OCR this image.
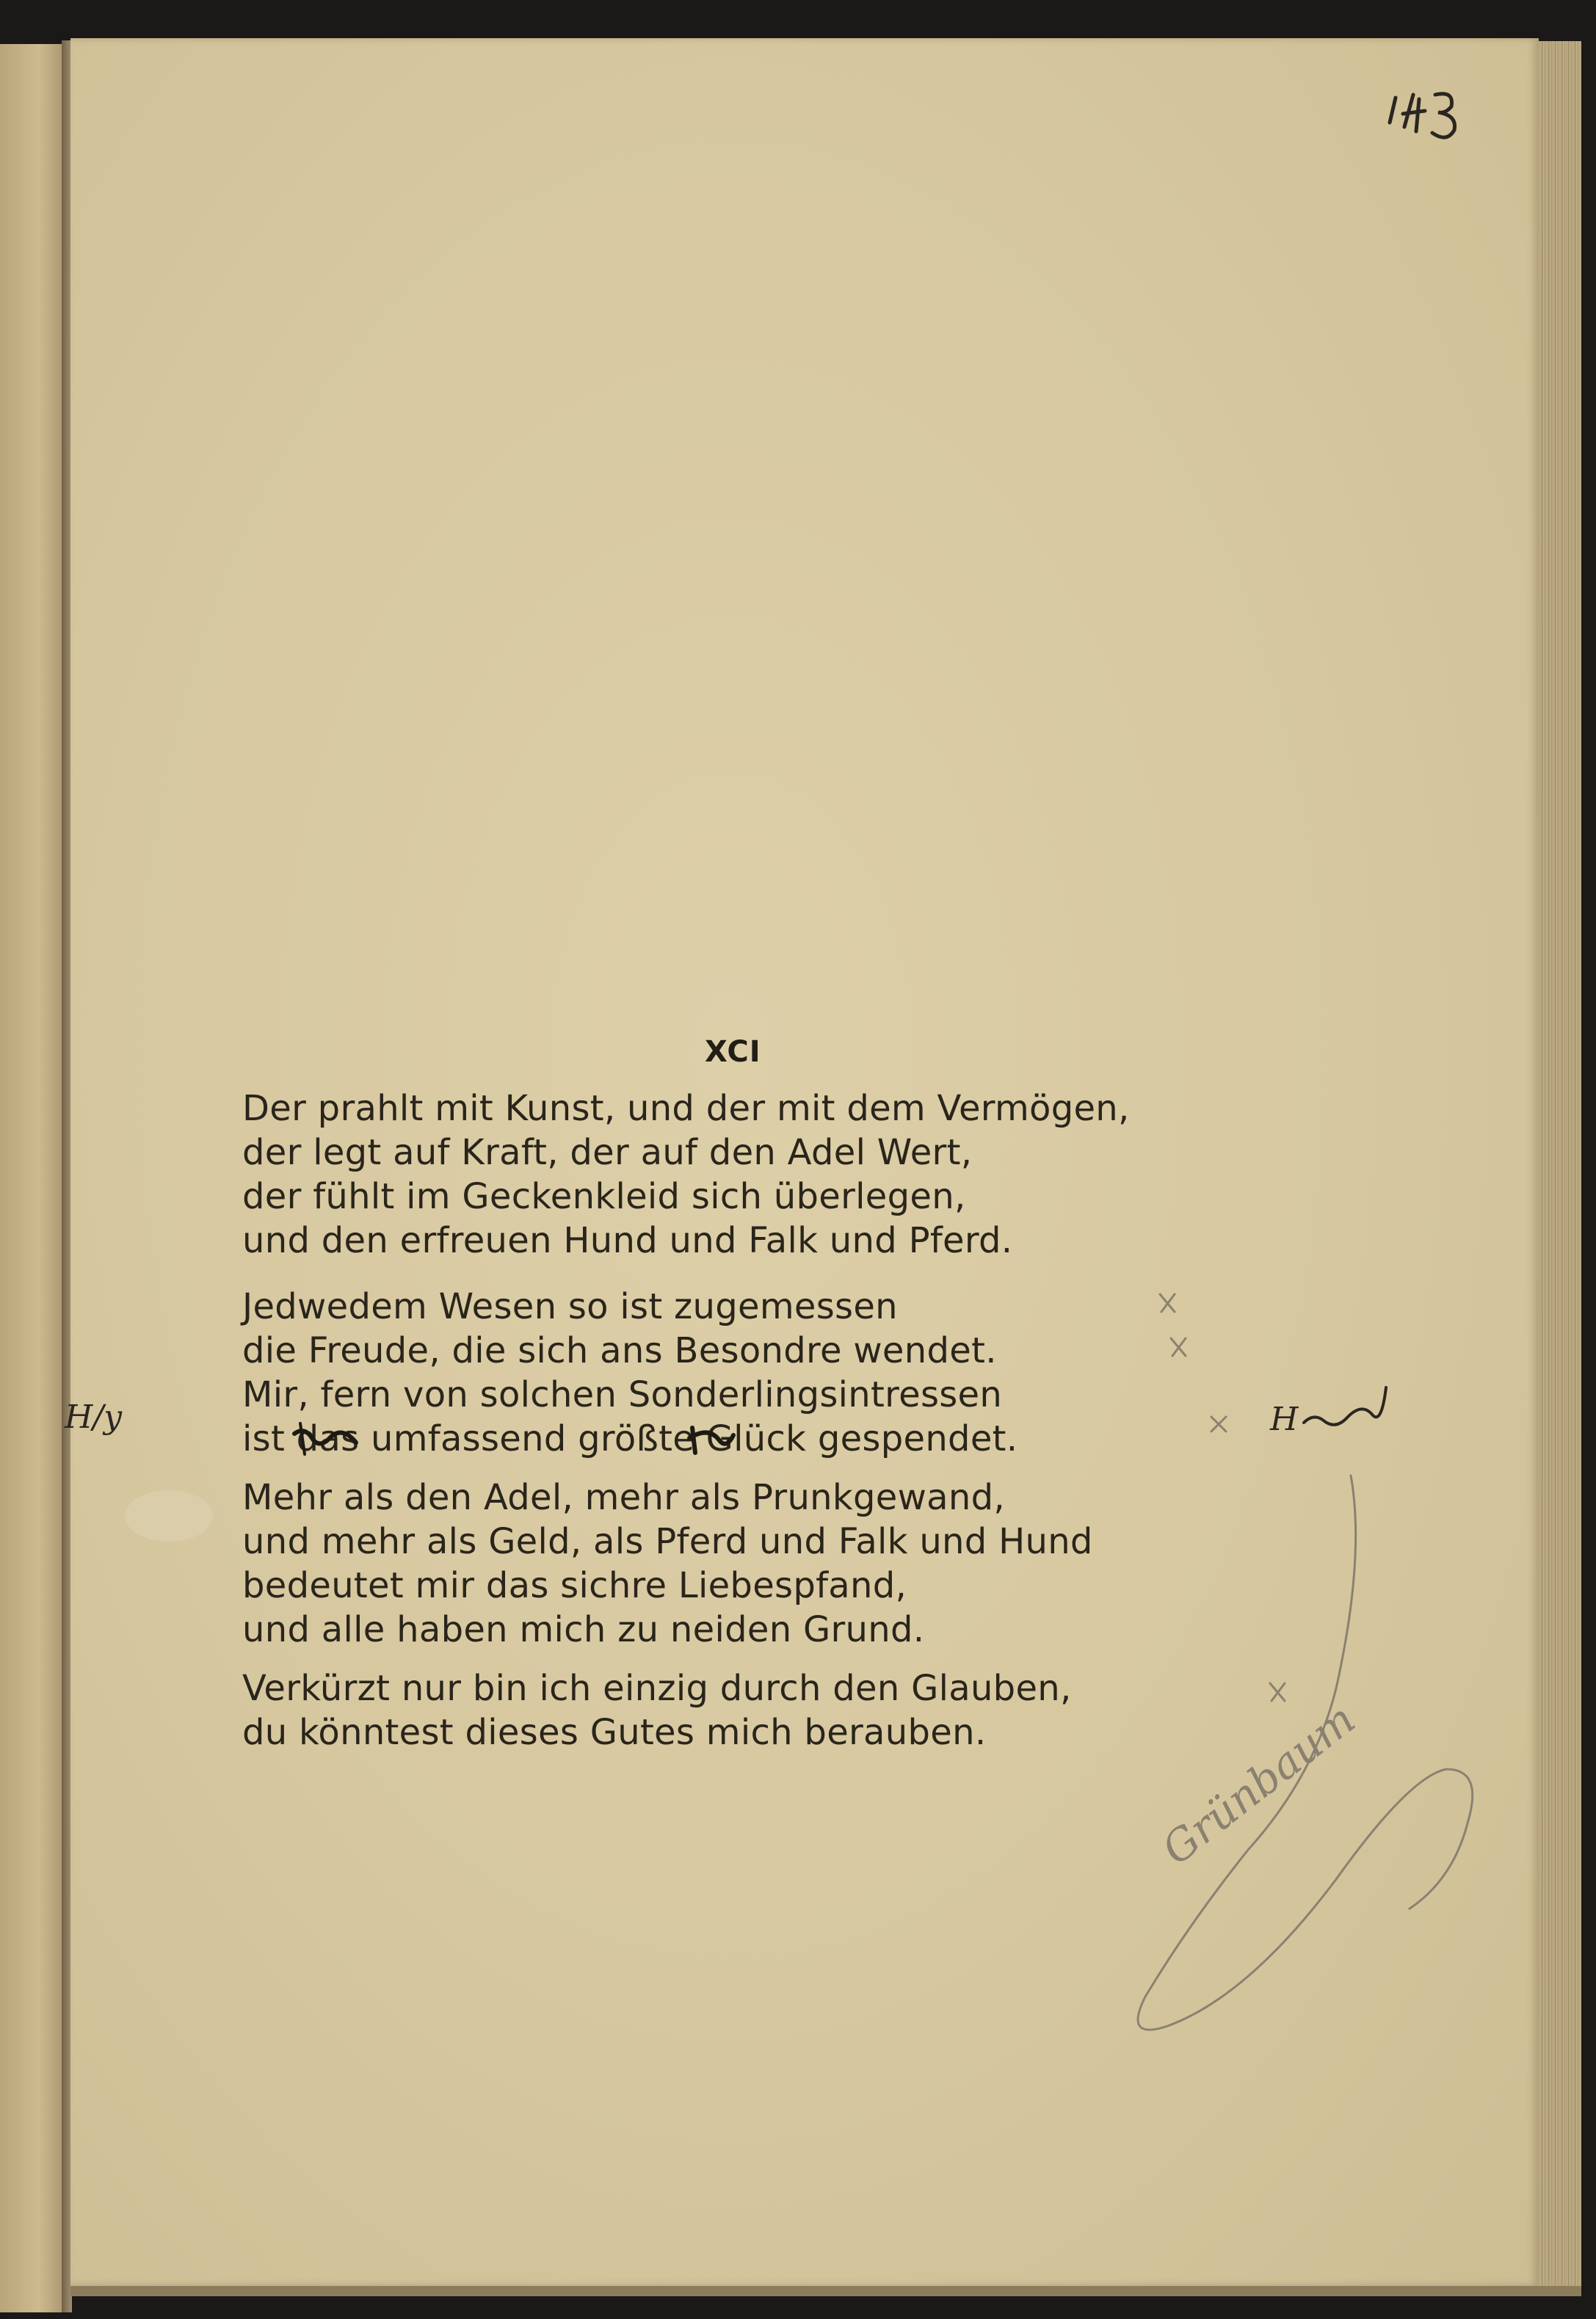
XCI
Der prahlt mit Kunst, und der mit dem Vermögen,
der legt auf Kraft, der auf den Adel Wert,
der fühlt im Geckenkleid sich überlegen,
und den erfreuen Hund und Falk und Pferd.
Jedwedem Wesen so ist zugemessen
die Freude, die sich ans Besondre wendet.
Mir, fern von solchen Sonderlingsintressen
ist das umfassend größte Glück gespendet.
Mehr als den Adel, mehr als Prunkgewand,
und mehr als Geld, als Pferd und Falk und Hund
bedeutet mir das sichre Liebespfand,
und alle haben mich zu neiden Grund.
Verkürzt nur bin ich einzig durch den Glauben,
du könntest dieses Gutes mich berauben.
H
H/y
Grünbaum
